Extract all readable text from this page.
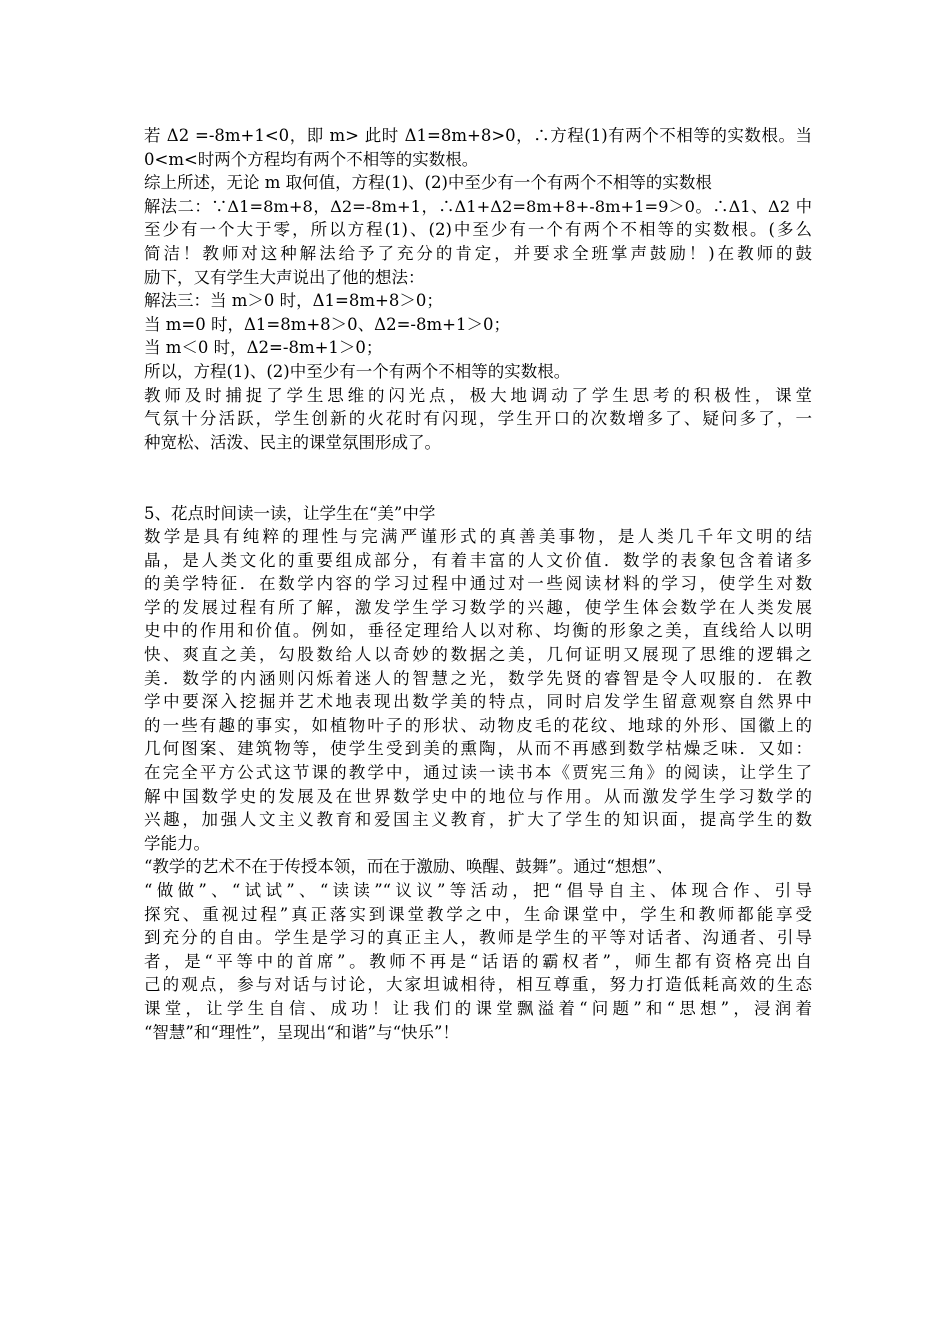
若 Δ2 =-8m+1<0，即 m> 此时 Δ1=8m+8>0，∴方程(1)有两个不相等的实数根。当
0<m<时两个方程均有两个不相等的实数根。
综上所述，无论 m 取何值，方程(1)、(2)中至少有一个有两个不相等的实数根
解法二：∵Δ1=8m+8，Δ2=-8m+1，∴Δ1+Δ2=8m+8+-8m+1=9＞0。∴Δ1、Δ2 中
至少有一个大于零，所以方程(1)、(2)中至少有一个有两个不相等的实数根。(多么
简洁！教师对这种解法给予了充分的肯定，并要求全班掌声鼓励！)在教师的鼓
励下，又有学生大声说出了他的想法：
解法三：当 m＞0 时，Δ1=8m+8＞0；
当 m=0 时，Δ1=8m+8＞0、Δ2=-8m+1＞0；
当 m＜0 时，Δ2=-8m+1＞0；
所以，方程(1)、(2)中至少有一个有两个不相等的实数根。
教师及时捕捉了学生思维的闪光点，极大地调动了学生思考的积极性，课堂
气氛十分活跃，学生创新的火花时有闪现，学生开口的次数增多了、疑问多了，一
种宽松、活泼、民主的课堂氛围形成了。
5、花点时间读一读，让学生在“美”中学
数学是具有纯粹的理性与完满严谨形式的真善美事物，是人类几千年文明的结
晶，是人类文化的重要组成部分，有着丰富的人文价值．数学的表象包含着诸多
的美学特征．在数学内容的学习过程中通过对一些阅读材料的学习，使学生对数
学的发展过程有所了解，激发学生学习数学的兴趣，使学生体会数学在人类发展
史中的作用和价值。例如，垂径定理给人以对称、均衡的形象之美，直线给人以明
快、爽直之美，勾股数给人以奇妙的数据之美，几何证明又展现了思维的逻辑之
美．数学的内涵则闪烁着迷人的智慧之光，数学先贤的睿智是令人叹服的．在教
学中要深入挖掘并艺术地表现出数学美的特点，同时启发学生留意观察自然界中
的一些有趣的事实，如植物叶子的形状、动物皮毛的花纹、地球的外形、国徽上的
几何图案、建筑物等，使学生受到美的熏陶，从而不再感到数学枯燥乏味．又如：
在完全平方公式这节课的教学中，通过读一读书本《贾宪三角》的阅读，让学生了
解中国数学史的发展及在世界数学史中的地位与作用。从而激发学生学习数学的
兴趣，加强人文主义教育和爱国主义教育，扩大了学生的知识面，提高学生的数
学能力。
“教学的艺术不在于传授本领，而在于激励、唤醒、鼓舞”。通过“想想”、
“做做”、“试试”、“读读”“议议”等活动，把“倡导自主、体现合作、引导
探究、重视过程”真正落实到课堂教学之中，生命课堂中，学生和教师都能享受
到充分的自由。学生是学习的真正主人，教师是学生的平等对话者、沟通者、引导
者，是“平等中的首席”。教师不再是“话语的霸权者”，师生都有资格亮出自
己的观点，参与对话与讨论，大家坦诚相待，相互尊重，努力打造低耗高效的生态
课堂，让学生自信、成功！让我们的课堂飘溢着“问题”和“思想”，浸润着
“智慧”和“理性”，呈现出“和谐”与“快乐”！
